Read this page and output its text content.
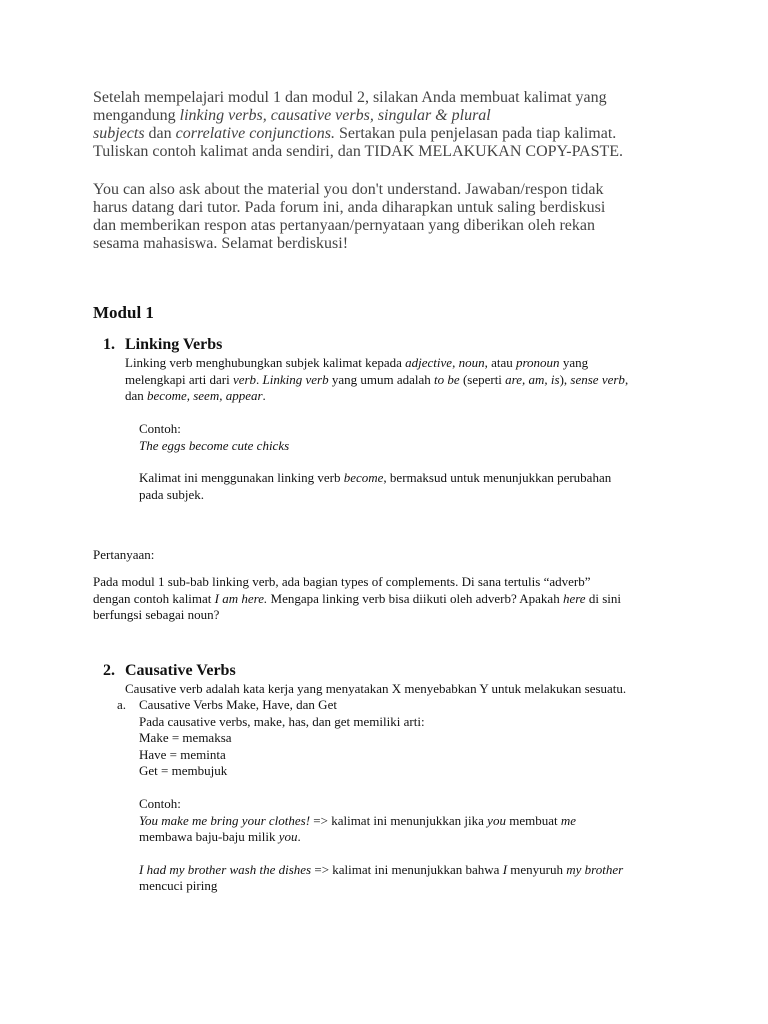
Setelah mempelajari modul 1 dan modul 2, silakan Anda membuat kalimat yang

mengandung linking verbs, causative verbs, singular & plural

subjects dan correlative conjunctions. Sertakan pula penjelasan pada tiap kalimat.

Tuliskan contoh kalimat anda sendiri, dan TIDAK MELAKUKAN COPY-PASTE.

You can also ask about the material you don't understand. Jawaban/respon tidak

harus datang dari tutor. Pada forum ini, anda diharapkan untuk saling berdiskusi

dan memberikan respon atas pertanyaan/pernyataan yang diberikan oleh rekan

sesama mahasiswa. Selamat berdiskusi!

Modul 1
1. Linking Verbs
Linking verb menghubungkan subjek kalimat kepada adjective, noun, atau pronoun yang
melengkapi arti dari verb. Linking verb yang umum adalah to be (seperti are, am, is), sense verb,
dan become, seem, appear.
Contoh:
The eggs become cute chicks
Kalimat ini menggunakan linking verb become, bermaksud untuk menunjukkan perubahan
pada subjek.
Pertanyaan:
Pada modul 1 sub-bab linking verb, ada bagian types of complements. Di sana tertulis “adverb”
dengan contoh kalimat I am here. Mengapa linking verb bisa diikuti oleh adverb? Apakah here di sini
berfungsi sebagai noun?
2. Causative Verbs
Causative verb adalah kata kerja yang menyatakan X menyebabkan Y untuk melakukan sesuatu.
a. Causative Verbs Make, Have, dan Get
Pada causative verbs, make, has, dan get memiliki arti:
Make = memaksa
Have = meminta
Get = membujuk
Contoh:
You make me bring your clothes! => kalimat ini menunjukkan jika you membuat me
membawa baju-baju milik you.
I had my brother wash the dishes => kalimat ini menunjukkan bahwa I menyuruh my brother
mencuci piring
